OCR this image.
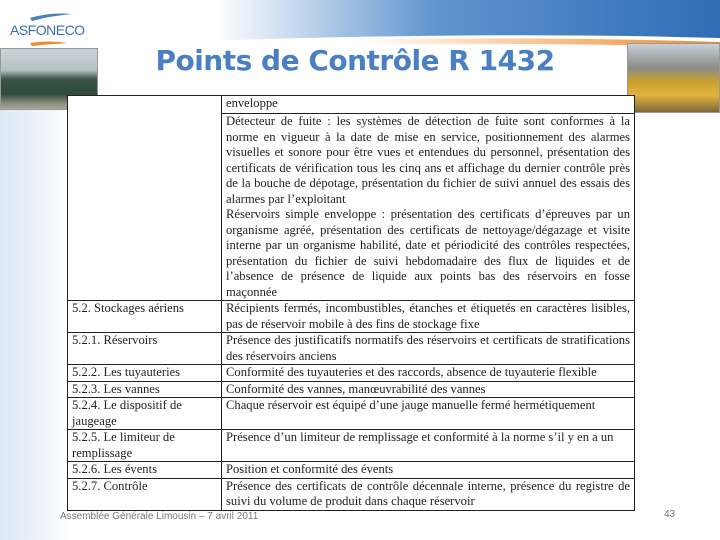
ASFONECO
Points de Contrôle R 1432
	enveloppe

	Détecteur de fuite : les systèmes de détection de fuite sont conformes à la norme en vigueur à la date de mise en service, positionnement des alarmes visuelles et sonore pour être vues et entendues du personnel, présentation des certificats de vérification tous les cinq ans et affichage du dernier contrôle près de la bouche de dépotage, présentation du fichier de suivi annuel des essais des alarmes par l’exploitant

Réservoirs simple enveloppe : présentation des certificats d’épreuves par un organisme agréé, présentation des certificats de nettoyage/dégazage et visite interne par un organisme habilité, date et périodicité des contrôles respectées, présentation du fichier de suivi hebdomadaire des flux de liquides et de l’absence de présence de liquide aux points bas des réservoirs en fosse maçonnée

5.2. Stockages aériens	Récipients fermés, incombustibles, étanches et étiquetés en caractères lisibles, pas de réservoir mobile à des fins de stockage fixe
5.2.1. Réservoirs	Présence des justificatifs normatifs des réservoirs et certificats de stratifications des réservoirs anciens
5.2.2. Les tuyauteries	Conformité des tuyauteries et des raccords, absence de tuyauterie flexible
5.2.3. Les vannes	Conformité des vannes, manœuvrabilité des vannes
5.2.4. Le dispositif de jaugeage	Chaque réservoir est équipé d’une jauge manuelle fermé hermétiquement
5.2.5. Le limiteur de remplissage	Présence d’un limiteur de remplissage et conformité à la norme s’il y en a un
5.2.6. Les évents	Position et conformité des évents
5.2.7. Contrôle	Présence des certificats de contrôle décennale interne, présence du registre de suivi du volume de produit dans chaque réservoir
Assemblée Générale Limousin – 7 avril 2011	43
